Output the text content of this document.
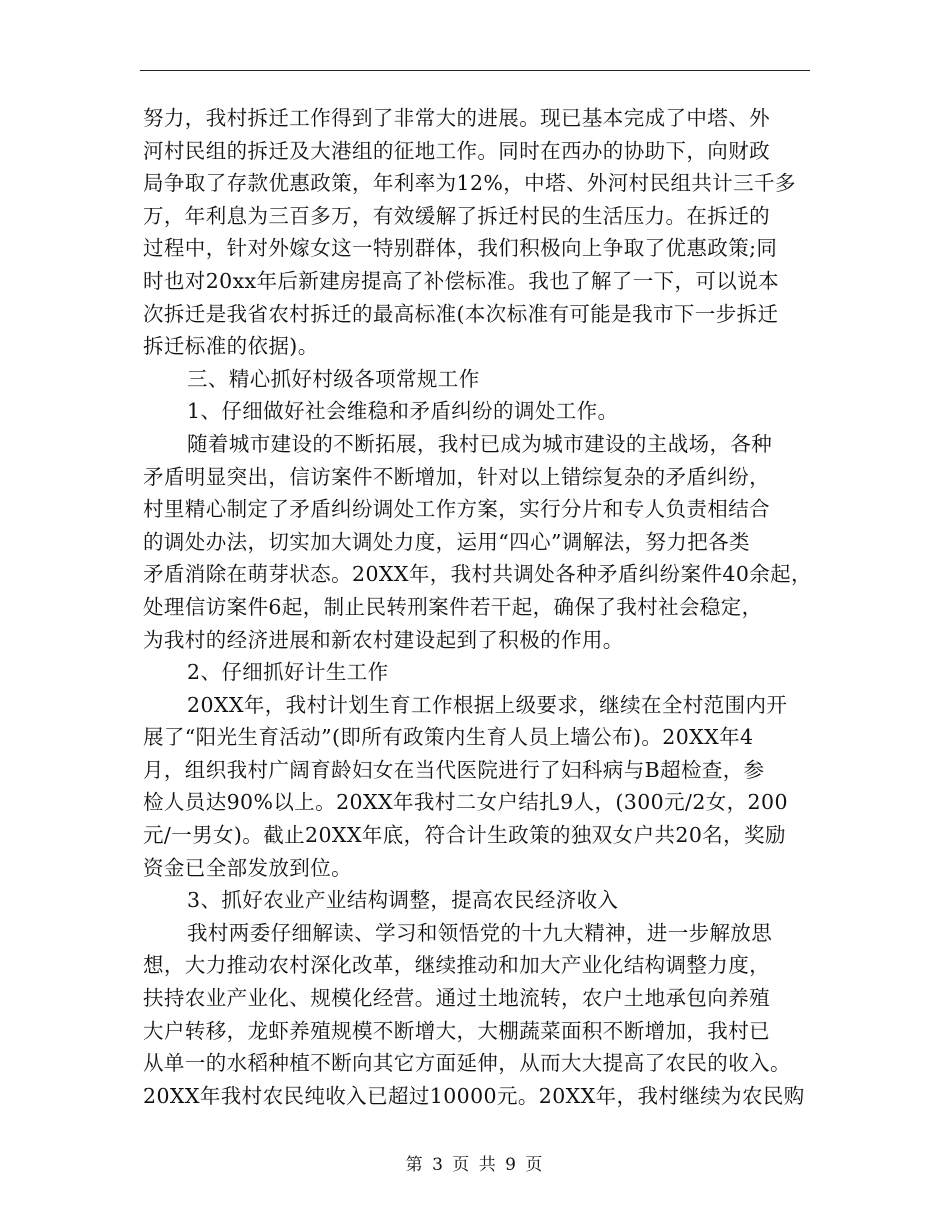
努力，我村拆迁工作得到了非常大的进展。现已基本完成了中塔、外
河村民组的拆迁及大港组的征地工作。同时在西办的协助下，向财政
局争取了存款优惠政策，年利率为12%，中塔、外河村民组共计三千多
万，年利息为三百多万，有效缓解了拆迁村民的生活压力。在拆迁的
过程中，针对外嫁女这一特别群体，我们积极向上争取了优惠政策;同
时也对20xx年后新建房提高了补偿标准。我也了解了一下，可以说本
次拆迁是我省农村拆迁的最高标准(本次标准有可能是我市下一步拆迁
拆迁标准的依据)。
三、精心抓好村级各项常规工作
1、仔细做好社会维稳和矛盾纠纷的调处工作。
随着城市建设的不断拓展，我村已成为城市建设的主战场，各种
矛盾明显突出，信访案件不断增加，针对以上错综复杂的矛盾纠纷，
村里精心制定了矛盾纠纷调处工作方案，实行分片和专人负责相结合
的调处办法，切实加大调处力度，运用“四心”调解法，努力把各类
矛盾消除在萌芽状态。20XX年，我村共调处各种矛盾纠纷案件40余起，
处理信访案件6起，制止民转刑案件若干起，确保了我村社会稳定，
为我村的经济进展和新农村建设起到了积极的作用。
2、仔细抓好计生工作
20XX年，我村计划生育工作根据上级要求，继续在全村范围内开
展了“阳光生育活动”(即所有政策内生育人员上墙公布)。20XX年4
月，组织我村广阔育龄妇女在当代医院进行了妇科病与B超检查，参
检人员达90%以上。20XX年我村二女户结扎9人，(300元/2女，200
元/一男女)。截止20XX年底，符合计生政策的独双女户共20名，奖励
资金已全部发放到位。
3、抓好农业产业结构调整，提高农民经济收入
我村两委仔细解读、学习和领悟党的十九大精神，进一步解放思
想，大力推动农村深化改革，继续推动和加大产业化结构调整力度，
扶持农业产业化、规模化经营。通过土地流转，农户土地承包向养殖
大户转移，龙虾养殖规模不断增大，大棚蔬菜面积不断增加，我村已
从单一的水稻种植不断向其它方面延伸，从而大大提高了农民的收入。
20XX年我村农民纯收入已超过10000元。20XX年，我村继续为农民购
第 3 页 共 9 页
